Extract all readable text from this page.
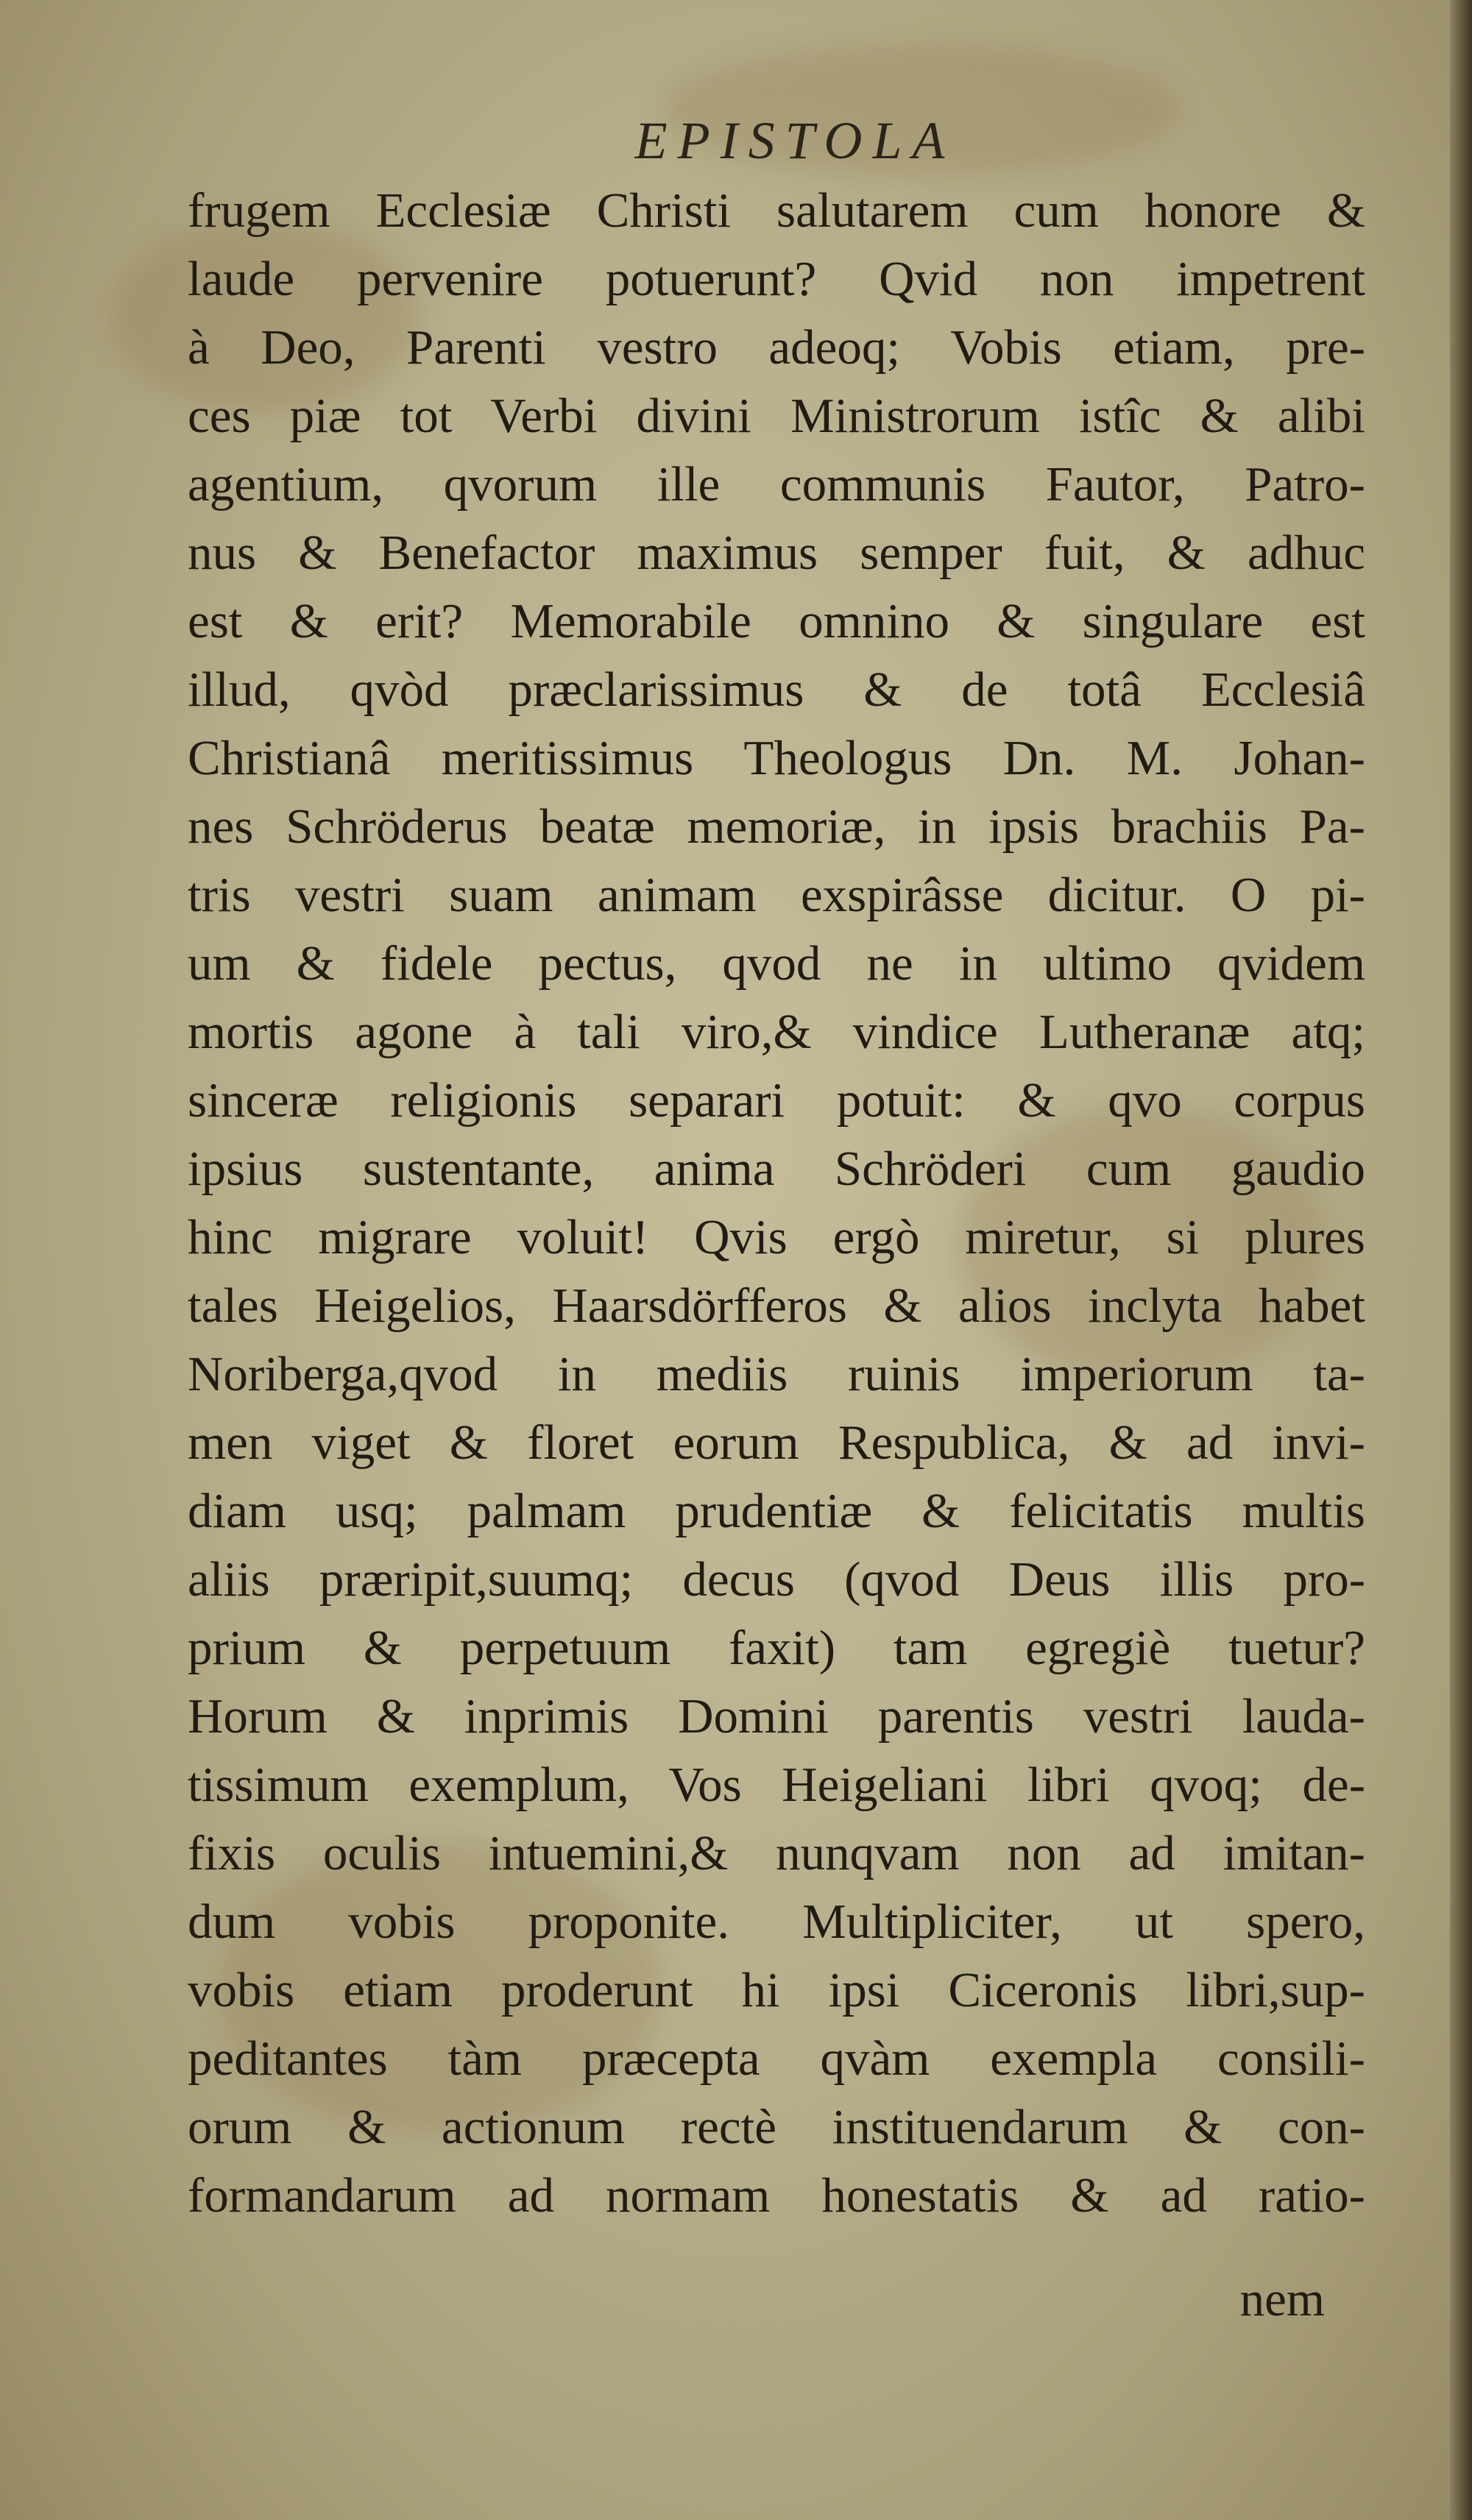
EPISTOLA
frugem Ecclesiæ Christi salutarem cum honore &
laude pervenire potuerunt? Qvid non impetrent
à Deo, Parenti vestro adeoq; Vobis etiam, pre-
ces piæ tot Verbi divini Ministrorum istîc & alibi
agentium, qvorum ille communis Fautor, Patro-
nus & Benefactor maximus semper fuit, & adhuc
est & erit? Memorabile omnino & singulare est
illud, qvòd præclarissimus & de totâ Ecclesiâ
Christianâ meritissimus Theologus Dn. M. Johan-
nes Schröderus beatæ memoriæ, in ipsis brachiis Pa-
tris vestri suam animam exspirâsse dicitur. O pi-
um & fidele pectus, qvod ne in ultimo qvidem
mortis agone à tali viro,& vindice Lutheranæ atq;
sinceræ religionis separari potuit: & qvo corpus
ipsius sustentante, anima Schröderi cum gaudio
hinc migrare voluit! Qvis ergò miretur, si plures
tales Heigelios, Haarsdörfferos & alios inclyta habet
Noriberga,qvod in mediis ruinis imperiorum ta-
men viget & floret eorum Respublica, & ad invi-
diam usq; palmam prudentiæ & felicitatis multis
aliis præripit,suumq; decus (qvod Deus illis pro-
prium & perpetuum faxit) tam egregiè tuetur?
Horum & inprimis Domini parentis vestri lauda-
tissimum exemplum, Vos Heigeliani libri qvoq; de-
fixis oculis intuemini,& nunqvam non ad imitan-
dum vobis proponite. Multipliciter, ut spero,
vobis etiam proderunt hi ipsi Ciceronis libri,sup-
peditantes tàm præcepta qvàm exempla consili-
orum & actionum rectè instituendarum & con-
formandarum ad normam honestatis & ad ratio-
nem
